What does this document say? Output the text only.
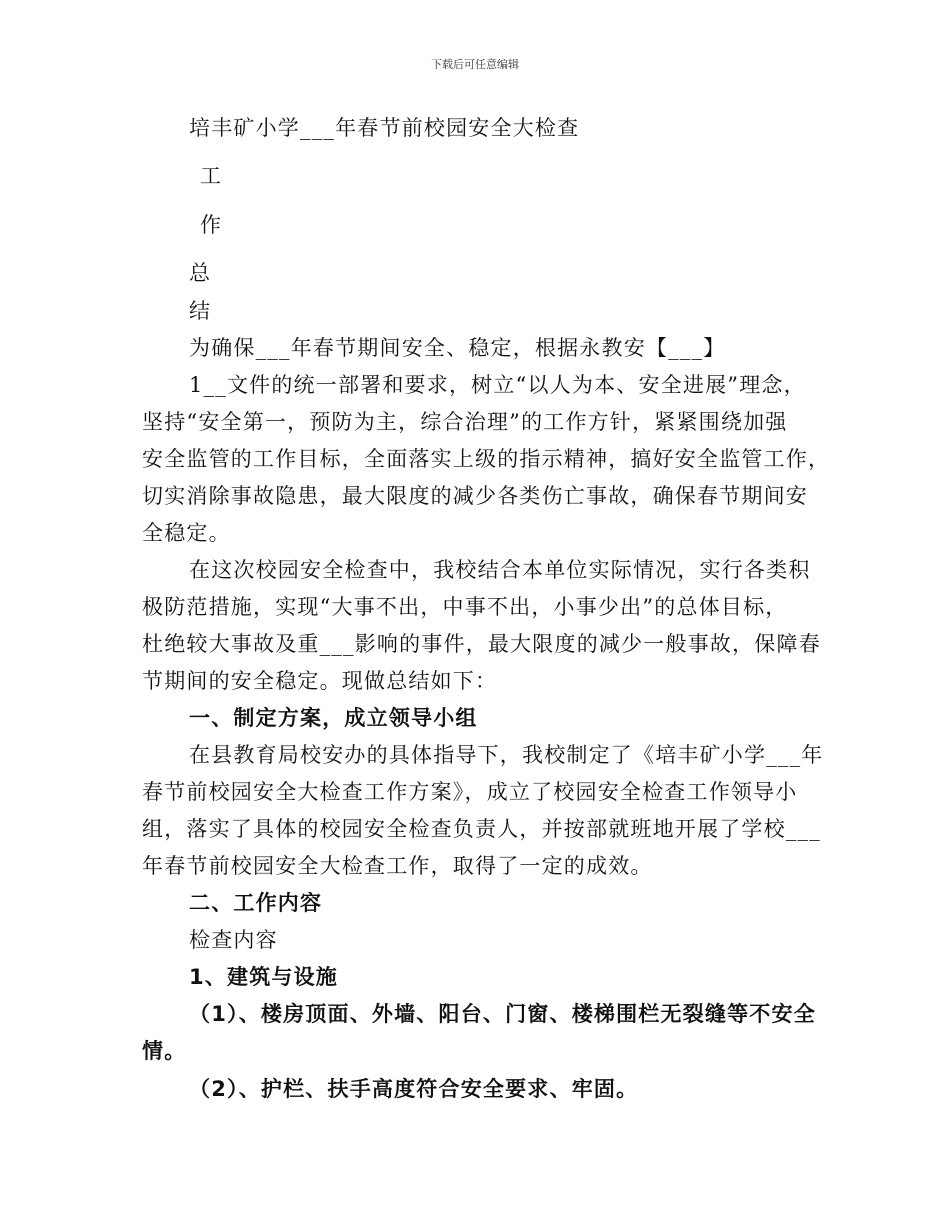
下载后可任意编辑
培丰矿小学___年春节前校园安全大检查
工
作
总
结
为确保___年春节期间安全、稳定，根据永教安【___】
1__文件的统一部署和要求，树立“以人为本、安全进展”理念，
坚持“安全第一，预防为主，综合治理”的工作方针，紧紧围绕加强
安全监管的工作目标，全面落实上级的指示精神，搞好安全监管工作，
切实消除事故隐患，最大限度的减少各类伤亡事故，确保春节期间安
全稳定。
在这次校园安全检查中，我校结合本单位实际情况，实行各类积
极防范措施，实现“大事不出，中事不出，小事少出”的总体目标，
杜绝较大事故及重___影响的事件，最大限度的减少一般事故，保障春
节期间的安全稳定。现做总结如下：
一、制定方案，成立领导小组
在县教育局校安办的具体指导下，我校制定了《培丰矿小学___年
春节前校园安全大检查工作方案》，成立了校园安全检查工作领导小
组，落实了具体的校园安全检查负责人，并按部就班地开展了学校___
年春节前校园安全大检查工作，取得了一定的成效。
二、工作内容
检查内容
1、建筑与设施
（1）、楼房顶面、外墙、阳台、门窗、楼梯围栏无裂缝等不安全
情。
（2）、护栏、扶手高度符合安全要求、牢固。
